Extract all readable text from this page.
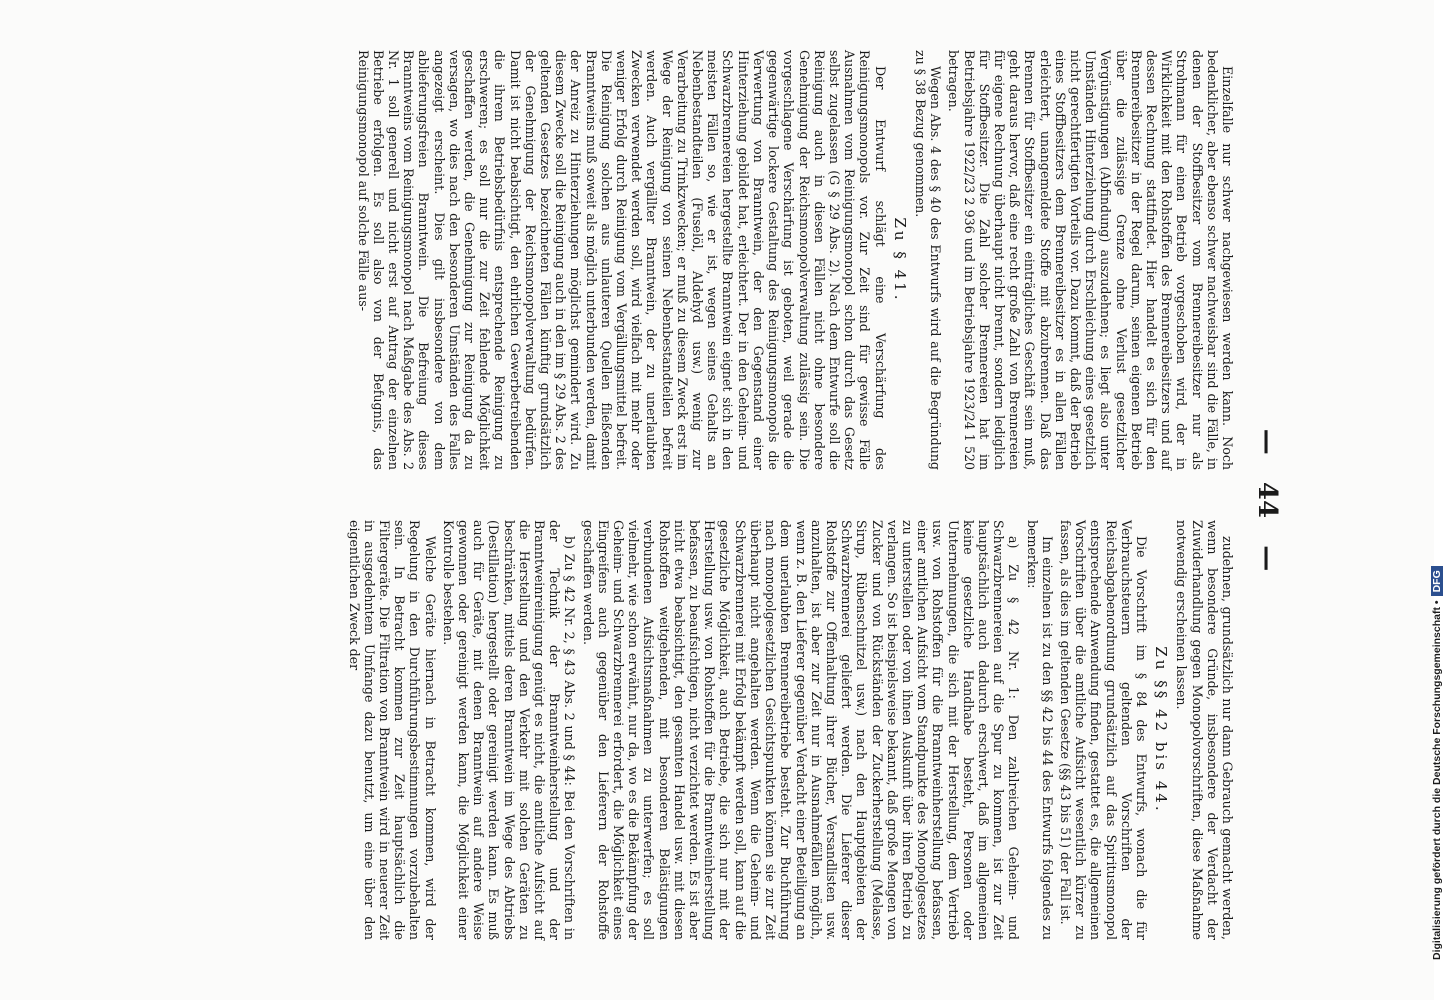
—   44   —

Einzelfalle nur schwer nachgewiesen werden kann. Noch bedenklicher, aber ebenso schwer nachweisbar sind die Fälle, in denen der Stoffbesitzer vom Brennereibesitzer nur als Strohmann für einen Betrieb vorgeschoben wird, der in Wirklichkeit mit den Rohstoffen des Brennereibesitzers und auf dessen Rechnung stattfindet. Hier handelt es sich für den Brennereibesitzer in der Regel darum, seinen eigenen Betrieb über die zulässige Grenze ohne Verlust gesetzlicher Vergünstigungen (Abfindung) auszudehnen; es liegt also unter Umständen Hinterziehung durch Erschleichung eines gesetzlich nicht gerechtfertigten Vorteils vor. Dazu kommt, daß der Betrieb eines Stoffbesitzers dem Brennereibesitzer es in allen Fällen erleichtert, unangemeldete Stoffe mit abzubrennen. Daß das Brennen für Stoffbesitzer ein einträgliches Geschäft sein muß, geht daraus hervor, daß eine recht große Zahl von Brennereien für eigene Rechnung überhaupt nicht brennt, sondern lediglich für Stoffbesitzer. Die Zahl solcher Brennereien hat im Betriebsjahre 1922/23 2 936 und im Betriebsjahre 1923/24 1 520 betragen.

Wegen Abs. 4 des § 40 des Entwurfs wird auf die Begründung zu § 38 Bezug genommen.

Zu § 41.

Der Entwurf schlägt eine Verschärfung des Reinigungsmonopols vor. Zur Zeit sind für gewisse Fälle Ausnahmen vom Reinigungsmonopol schon durch das Gesetz selbst zugelassen (G § 29 Abs. 2). Nach dem Entwurfe soll die Reinigung auch in diesen Fällen nicht ohne besondere Genehmigung der Reichsmonopolverwaltung zulässig sein. Die vorgeschlagene Verschärfung ist geboten, weil gerade die gegenwärtige lockere Gestaltung des Reinigungsmonopols die Verwertung von Branntwein, der den Gegenstand einer Hinterziehung gebildet hat, erleichtert. Der in den Geheim- und Schwarzbrennereien hergestellte Branntwein eignet sich in den meisten Fällen so, wie er ist, wegen seines Gehalts an Nebenbestandteilen (Fuselöl, Aldehyd usw.) wenig zur Verarbeitung zu Trinkzwecken; er muß zu diesem Zweck erst im Wege der Reinigung von seinen Nebenbestandteilen befreit werden. Auch vergällter Branntwein, der zu unerlaubten Zwecken verwendet werden soll, wird vielfach mit mehr oder weniger Erfolg durch Reinigung vom Vergällungsmittel befreit. Die Reinigung solchen aus unlauteren Quellen fließenden Branntweins muß soweit als möglich unterbunden werden, damit der Anreiz zu Hinterziehungen möglichst gemindert wird. Zu diesem Zwecke soll die Reinigung auch in den im § 29 Abs. 2 des geltenden Gesetzes bezeichneten Fällen künftig grundsätzlich der Genehmigung der Reichsmonopolverwaltung bedürfen. Damit ist nicht beabsichtigt, den ehrlichen Gewerbetreibenden die ihrem Betriebsbedürfnis entsprechende Reinigung zu erschweren; es soll nur die zur Zeit fehlende Möglichkeit geschaffen werden, die Genehmigung zur Reinigung da zu versagen, wo dies nach den besonderen Umständen des Falles angezeigt erscheint. Dies gilt insbesondere von dem ablieferungsfreien Branntwein. Die Befreiung dieses Branntweins vom Reinigungsmonopol nach Maßgabe des Abs. 2 Nr. 1 soll generell und nicht erst auf Antrag der einzelnen Betriebe erfolgen. Es soll also von der Befugnis, das Reinigungsmonopol auf solche Fälle aus-

zudehnen, grundsätzlich nur dann Gebrauch gemacht werden, wenn besondere Gründe, insbesondere der Verdacht der Zuwiderhandlung gegen Monopolvorschriften, diese Maßnahme notwendig erscheinen lassen.

Zu §§ 42 bis 44.

Die Vorschrift im § 84 des Entwurfs, wonach die für Verbrauchsteuern geltenden Vorschriften der Reichsabgabenordnung grundsätzlich auf das Spiritusmonopol entsprechende Anwendung finden, gestattet es, die allgemeinen Vorschriften über die amtliche Aufsicht wesentlich kürzer zu fassen, als dies im geltenden Gesetze (§§ 43 bis 51) der Fall ist.

Im einzelnen ist zu den §§ 42 bis 44 des Entwurfs folgendes zu bemerken:

a) Zu § 42 Nr. 1: Den zahlreichen Geheim- und Schwarzbrennereien auf die Spur zu kommen, ist zur Zeit hauptsächlich auch dadurch erschwert, daß im allgemeinen keine gesetzliche Handhabe besteht, Personen oder Unternehmungen, die sich mit der Herstellung, dem Vertrieb usw. von Rohstoffen für die Branntweinherstellung befassen, einer amtlichen Aufsicht vom Standpunkte des Monopolgesetzes zu unterstellen oder von ihnen Auskunft über ihren Betrieb zu verlangen. So ist beispielsweise bekannt, daß große Mengen von Zucker und von Rückständen der Zuckerherstellung (Melasse, Sirup, Rübenschnitzel usw.) nach den Hauptgebieten der Schwarzbrennerei geliefert werden. Die Lieferer dieser Rohstoffe zur Offenhaltung ihrer Bücher, Versandlisten usw. anzuhalten, ist aber zur Zeit nur in Ausnahmefällen möglich, wenn z. B. den Lieferer gegenüber Verdacht einer Beteiligung an dem unerlaubten Brennereibetriebe besteht. Zur Buchführung nach monopolgesetzlichen Gesichtspunkten können sie zur Zeit überhaupt nicht angehalten werden. Wenn die Geheim- und Schwarzbrennerei mit Erfolg bekämpft werden soll, kann auf die gesetzliche Möglichkeit, auch Betriebe, die sich nur mit der Herstellung usw. von Rohstoffen für die Branntweinherstellung befassen, zu beaufsichtigen, nicht verzichtet werden. Es ist aber nicht etwa beabsichtigt, den gesamten Handel usw. mit diesen Rohstoffen weitgehenden, mit besonderen Belästigungen verbundenen Aufsichtsmaßnahmen zu unterwerfen; es soll vielmehr, wie schon erwähnt, nur da, wo es die Bekämpfung der Geheim- und Schwarzbrennerei erfordert, die Möglichkeit eines Eingreifens auch gegenüber den Lieferern der Rohstoffe geschaffen werden.

b) Zu § 42 Nr. 2, § 43 Abs. 2 und § 44: Bei den Vorschriften in der Technik der Branntweinherstellung und der Branntweinreinigung genügt es nicht, die amtliche Aufsicht auf die Herstellung und den Verkehr mit solchen Geräten zu beschränken, mittels deren Branntwein im Wege des Abtriebs (Destillation) hergestellt oder gereinigt werden kann. Es muß auch für Geräte, mit denen Branntwein auf andere Weise gewonnen oder gereinigt werden kann, die Möglichkeit einer Kontrolle bestehen.

Welche Geräte hiernach in Betracht kommen, wird der Regelung in den Durchführungsbestimmungen vorzubehalten sein. In Betracht kommen zur Zeit hauptsächlich die Filtergeräte. Die Filtration von Branntwein wird in neuerer Zeit in ausgedehntem Umfange dazu benutzt, um eine über den eigentlichen Zweck der

Digitalisierung gefördert durch die Deutsche Forschungsgemeinschaft •DFG
